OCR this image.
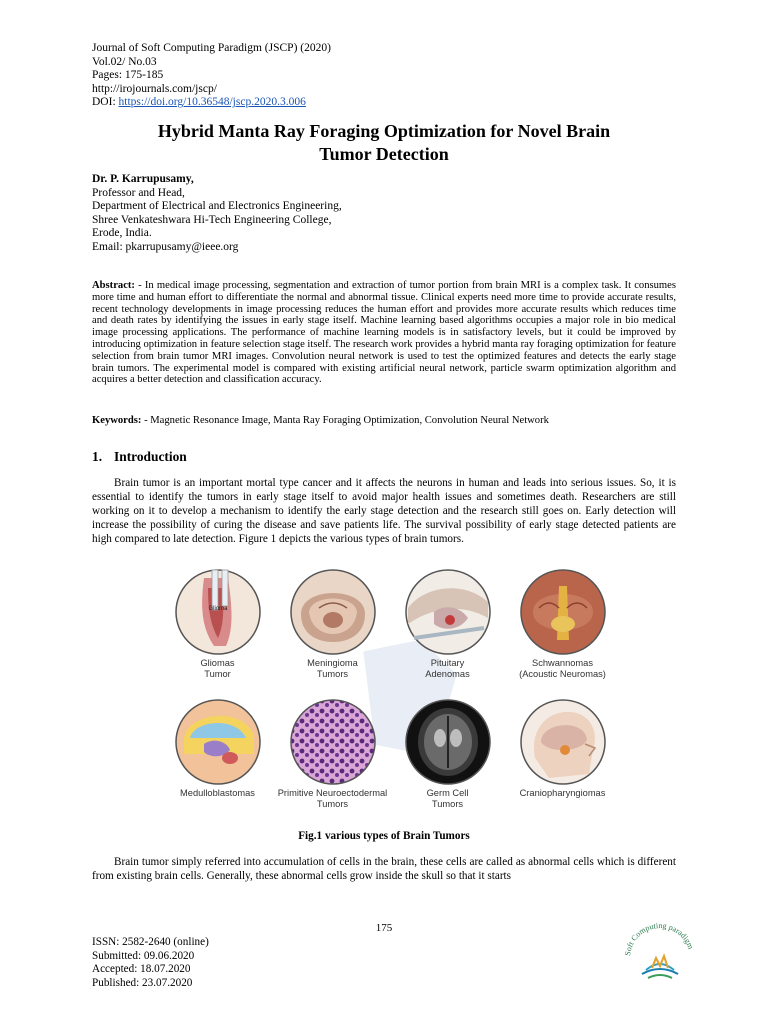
Journal of Soft Computing Paradigm (JSCP) (2020)
Vol.02/ No.03
Pages: 175-185
http://irojournals.com/jscp/
DOI: https://doi.org/10.36548/jscp.2020.3.006
Hybrid Manta Ray Foraging Optimization for Novel Brain
Tumor Detection
Dr. P. Karrupusamy,
Professor and Head,
Department of Electrical and Electronics Engineering,
Shree Venkateshwara Hi-Tech Engineering College,
Erode, India.
Email: pkarrupusamy@ieee.org
Abstract: - In medical image processing, segmentation and extraction of tumor portion from brain MRI is a complex task. It consumes more time and human effort to differentiate the normal and abnormal tissue. Clinical experts need more time to provide accurate results, recent technology developments in image processing reduces the human effort and provides more accurate results which reduces time and death rates by identifying the issues in early stage itself. Machine learning based algorithms occupies a major role in bio medical image processing applications. The performance of machine learning models is in satisfactory levels, but it could be improved by introducing optimization in feature selection stage itself. The research work provides a hybrid manta ray foraging optimization for feature selection from brain tumor MRI images. Convolution neural network is used to test the optimized features and detects the early stage brain tumors. The experimental model is compared with existing artificial neural network, particle swarm optimization algorithm and acquires a better detection and classification accuracy.
Keywords: - Magnetic Resonance Image, Manta Ray Foraging Optimization, Convolution Neural Network
1. Introduction
Brain tumor is an important mortal type cancer and it affects the neurons in human and leads into serious issues. So, it is essential to identify the tumors in early stage itself to avoid major health issues and sometimes death. Researchers are still working on it to develop a mechanism to identify the early stage detection and the research still goes on. Early detection will increase the possibility of curing the disease and save patients life. The survival possibility of early stage detected patients are high compared to late detection. Figure 1 depicts the various types of brain tumors.
Glioma
Gliomas
Tumor
Meningioma
Tumors
Pituitary
Adenomas
Schwannomas
(Acoustic Neuromas)
Medulloblastomas	Primitive Neuroectodermal
Tumors
Germ Cell
Tumors
Craniopharyngiomas
Fig.1 various types of Brain Tumors
Brain tumor simply referred into accumulation of cells in the brain, these cells are called as abnormal cells which is different from existing brain cells. Generally, these abnormal cells grow inside the skull so that it starts
175
ISSN: 2582-2640 (online)
Submitted: 09.06.2020
Accepted: 18.07.2020
Published: 23.07.2020
Soft Computing paradigm
